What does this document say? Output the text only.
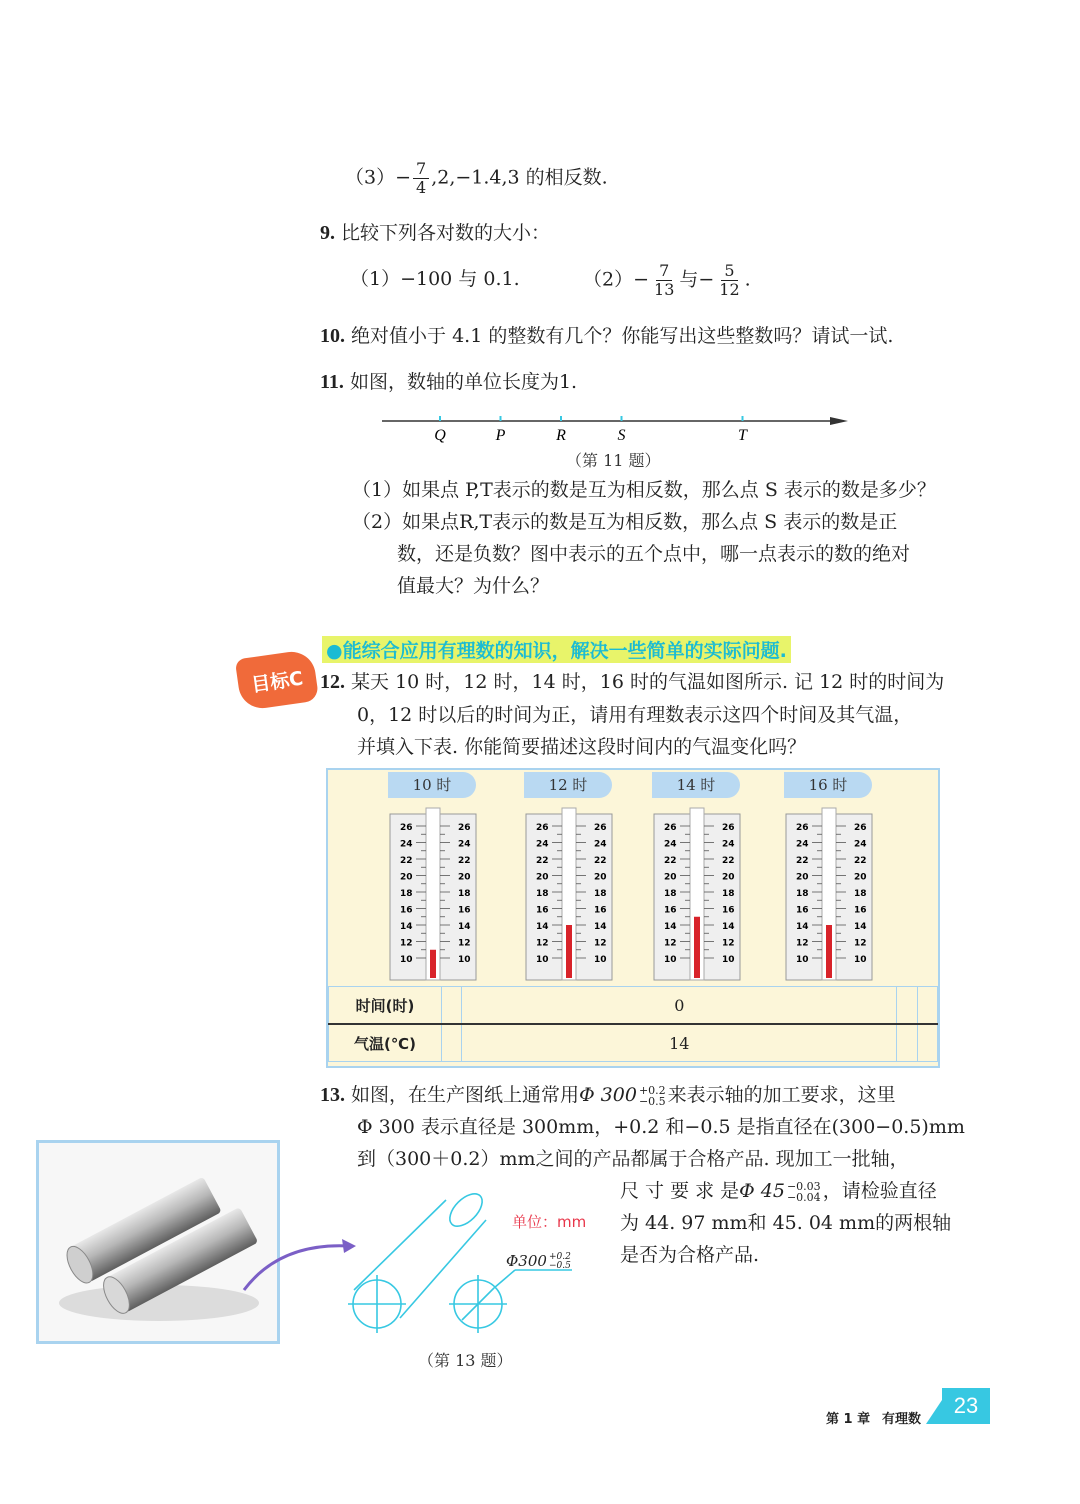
$(3)- \frac{7}{4} ,2,-1.4,3$ 的相反数.
9. 比较下列各对数的大小：
（1）−100 与 0.1.	$(2)- \frac{7}{13}$ 与− $\frac{5}{12}$ .
10. 绝对值小于 4.1 的整数有几个？你能写出这些整数吗？请试一试.
11. 如图，数轴的单位长度为1.
Q	P	R	S	T
（第 11 题）
（1）如果点 P,T表示的数是互为相反数，那么点 S 表示的数是多少？
（2）如果点R,T表示的数是互为相反数，那么点 S 表示的数是正
数，还是负数？图中表示的五个点中，哪一点表示的数的绝对
值最大？为什么？
●能综合应用有理数的知识，解决一些简单的实际问题.
目标C 12. 某天 10 时，12 时，14 时，16 时的气温如图所示. 记 12 时的时间为
0，12 时以后的时间为正，请用有理数表示这四个时间及其气温，
并填入下表. 你能简要描述这段时间内的气温变化吗？
10 时
26	26
24	24
22	22
20	20
18	18
16	16
14	14
12	12
10	10
12 时
26	26
24	24
22	22
20	20
18	18
16	16
14	14
12	12
10	10
14 时
26	26
24	24
22	22
20	20
18	18
16	16
14	14
12	12
10	10
16 时
26	26
24	24
22	22
20	20
18	18
16	16
14	14
12	12
10	10
时间(时)		0		
气温(℃)		14		
13. 如图，在生产图纸上通常用Φ 300 +0.2
−0.5 来表示轴的加工要求，这里
Φ 300 表示直径是 300mm，+0.2 和−0.5 是指直径在(300−0.5)mm
到（300＋0.2）mm之间的产品都属于合格产品. 现加工一批轴，
尺 寸 要 求 是Φ 45 −0.03
−0.04 ，请检验直径
为 44. 97 mm和 45. 04 mm的两根轴
是否为合格产品.
单位：mm
Φ300 +0.2
−0.5
（第 13 题）
第 1 章 有理数
23
